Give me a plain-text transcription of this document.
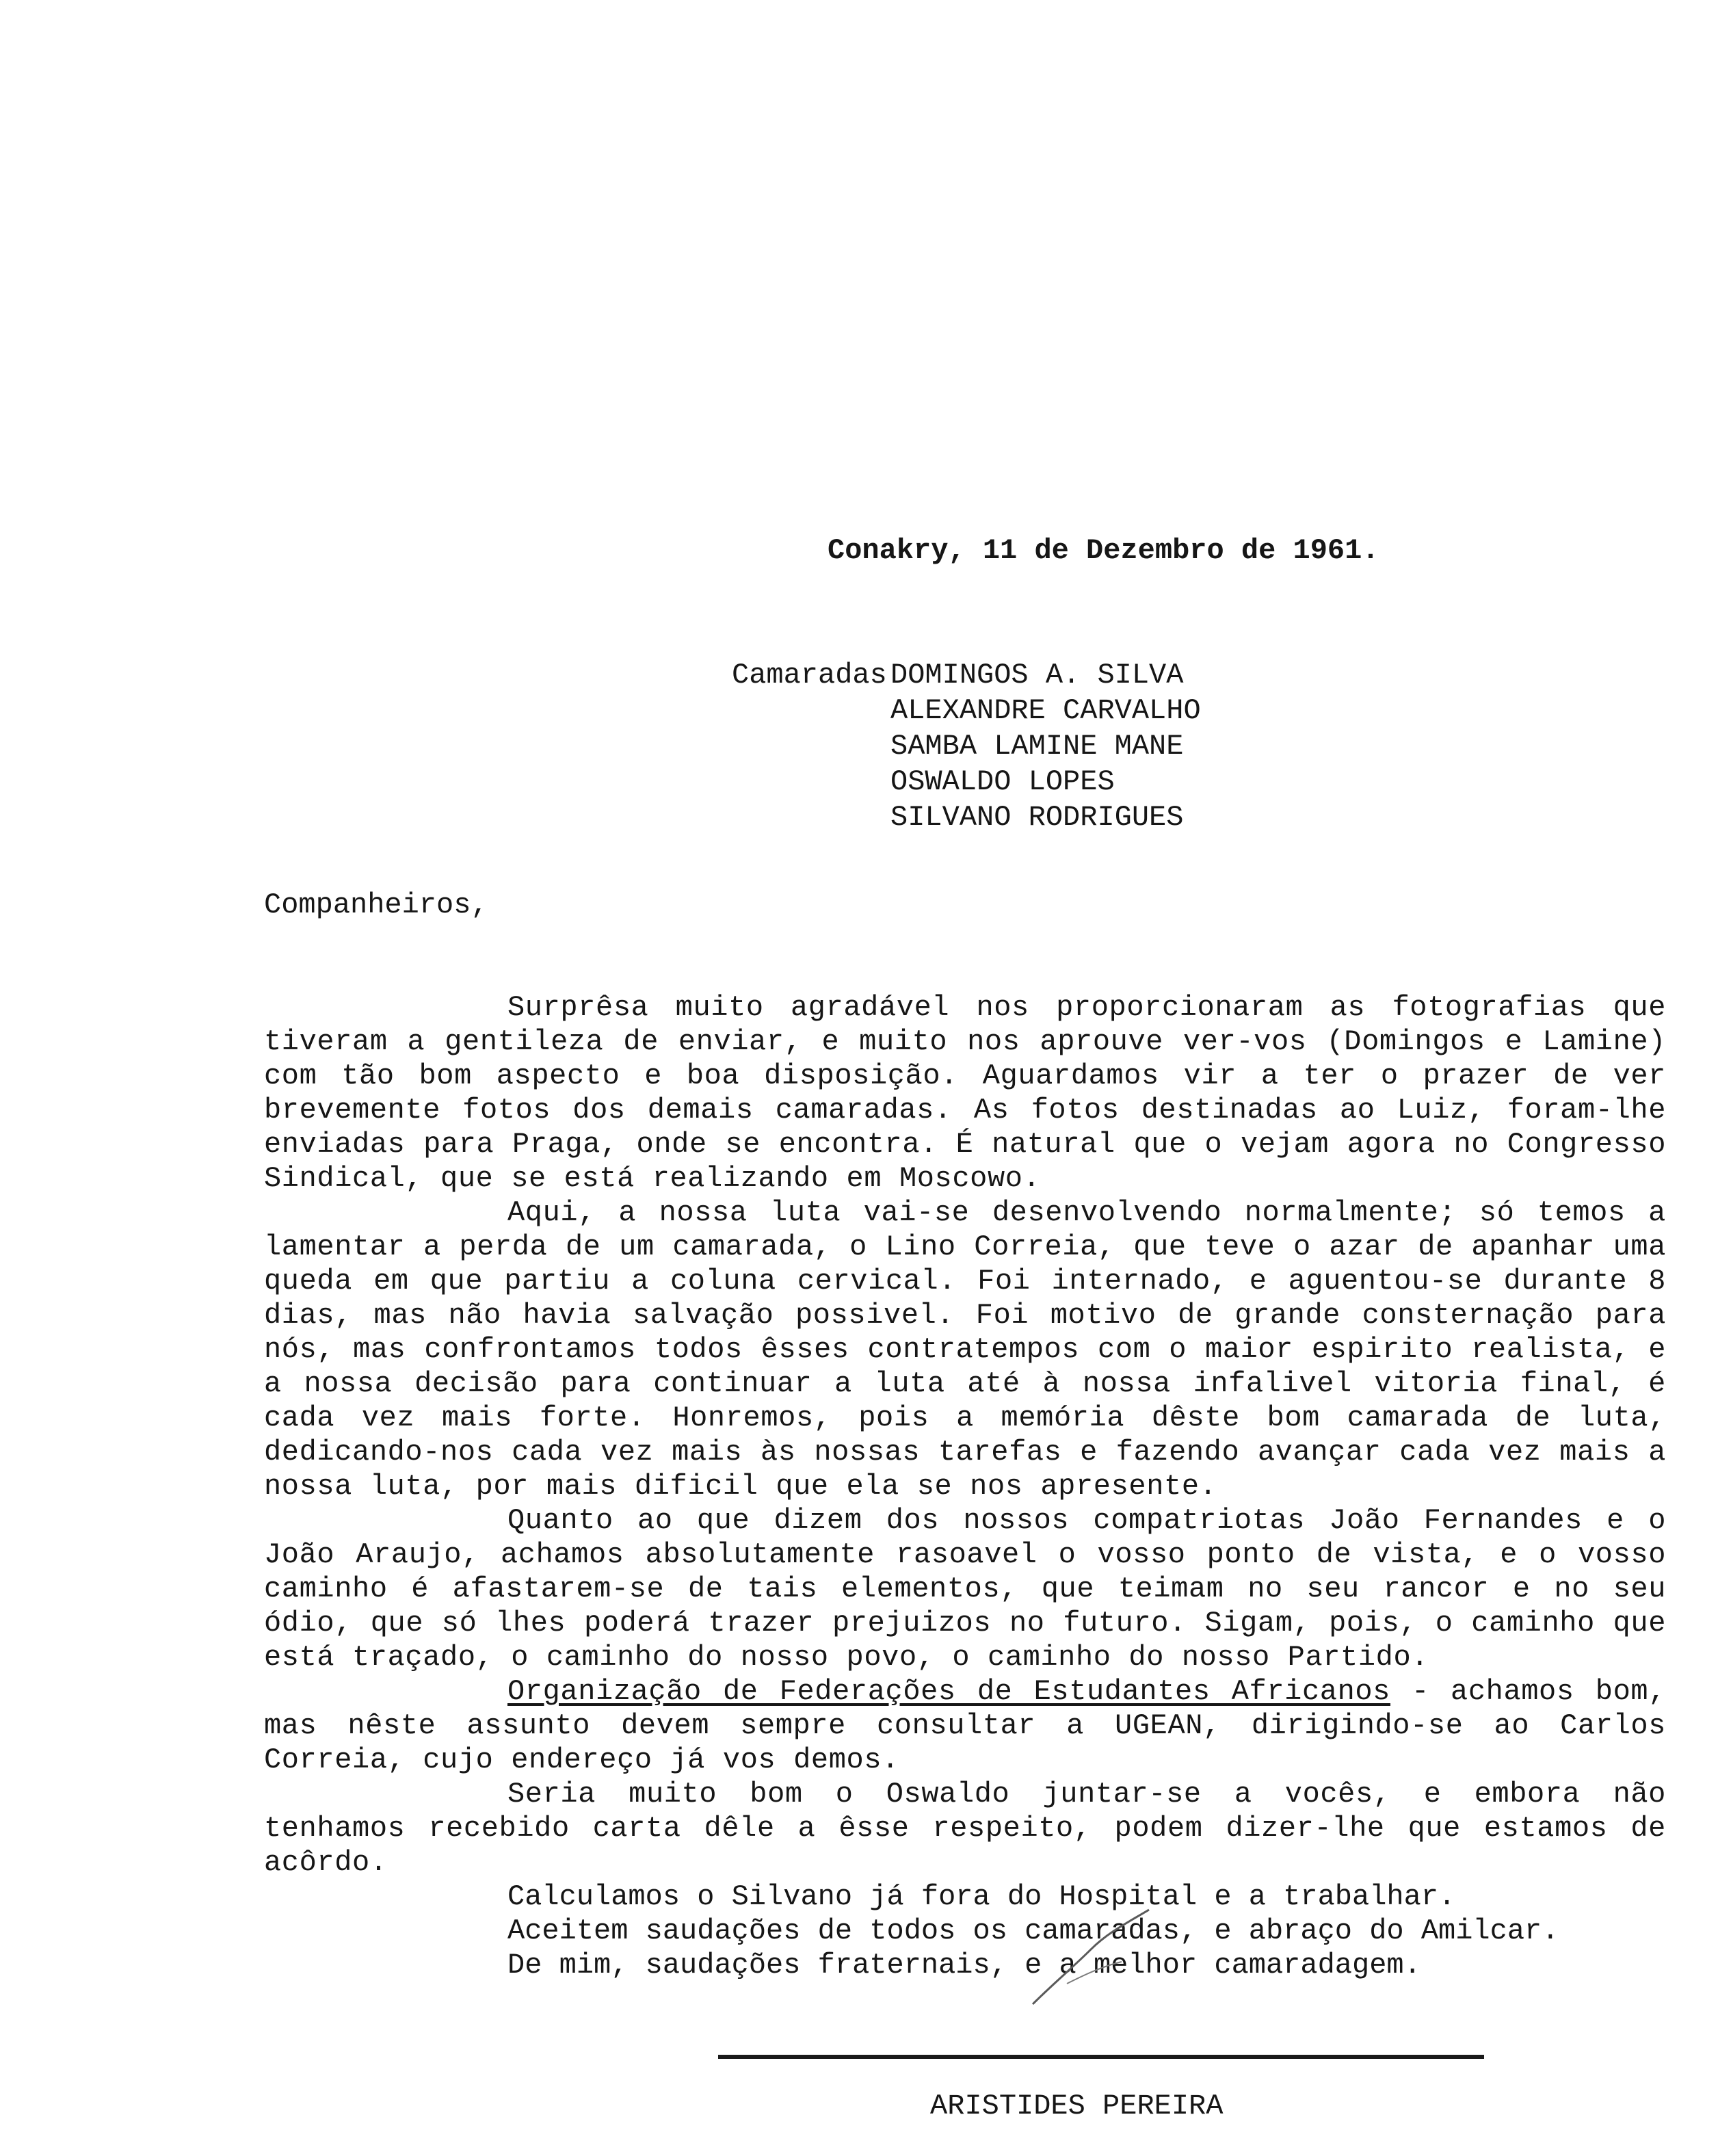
Conakry, 11 de Dezembro de 1961.
Camaradas DOMINGOS A. SILVA
ALEXANDRE CARVALHO
SAMBA LAMINE MANE
OSWALDO LOPES
SILVANO RODRIGUES
Companheiros,

Surprêsa muito agradável nos proporcionaram as fotografias que tiveram a gentileza de enviar, e muito nos aprouve ver-vos (Domingos e Lamine) com tão bom aspecto e boa disposição. Aguardamos vir a ter o prazer de ver brevemente fotos dos demais camaradas. As fotos destinadas ao Luiz, foram-lhe enviadas para Praga, onde se encontra. É natural que o vejam agora no Congresso Sindical, que se está realizando em Moscowo.

Aqui, a nossa luta vai-se desenvolvendo normalmente; só temos a lamentar a perda de um camarada, o Lino Correia, que teve o azar de apanhar uma queda em que partiu a coluna cervical. Foi internado, e aguentou-se durante 8 dias, mas não havia salvação possivel. Foi motivo de grande consternação para nós, mas confrontamos todos êsses contratempos com o maior espirito realista, e a nossa decisão para continuar a luta até à nossa infalivel vitoria final, é cada vez mais forte. Honremos, pois a memória dêste bom camarada de luta, dedicando-nos cada vez mais às nossas tarefas e fazendo avançar cada vez mais a nossa luta, por mais dificil que ela se nos apresente.

Quanto ao que dizem dos nossos compatriotas João Fernandes e o João Araujo, achamos absolutamente rasoavel o vosso ponto de vista, e o vosso caminho é afastarem-se de tais elementos, que teimam no seu rancor e no seu ódio, que só lhes poderá trazer prejuizos no futuro. Sigam, pois, o caminho que está traçado, o caminho do nosso povo, o caminho do nosso Partido.

Organização de Federações de Estudantes Africanos - achamos bom, mas nêste assunto devem sempre consultar a UGEAN, dirigindo-se ao Carlos Correia, cujo endereço já vos demos.

Seria muito bom o Oswaldo juntar-se a vocês, e embora não tenhamos recebido carta dêle a êsse respeito, podem dizer-lhe que estamos de acôrdo.

Calculamos o Silvano já fora do Hospital e a trabalhar.
Aceitem saudações de todos os camaradas, e abraço do Amilcar.
De mim, saudações fraternais, e a melhor camaradagem.
ARISTIDES PEREIRA
